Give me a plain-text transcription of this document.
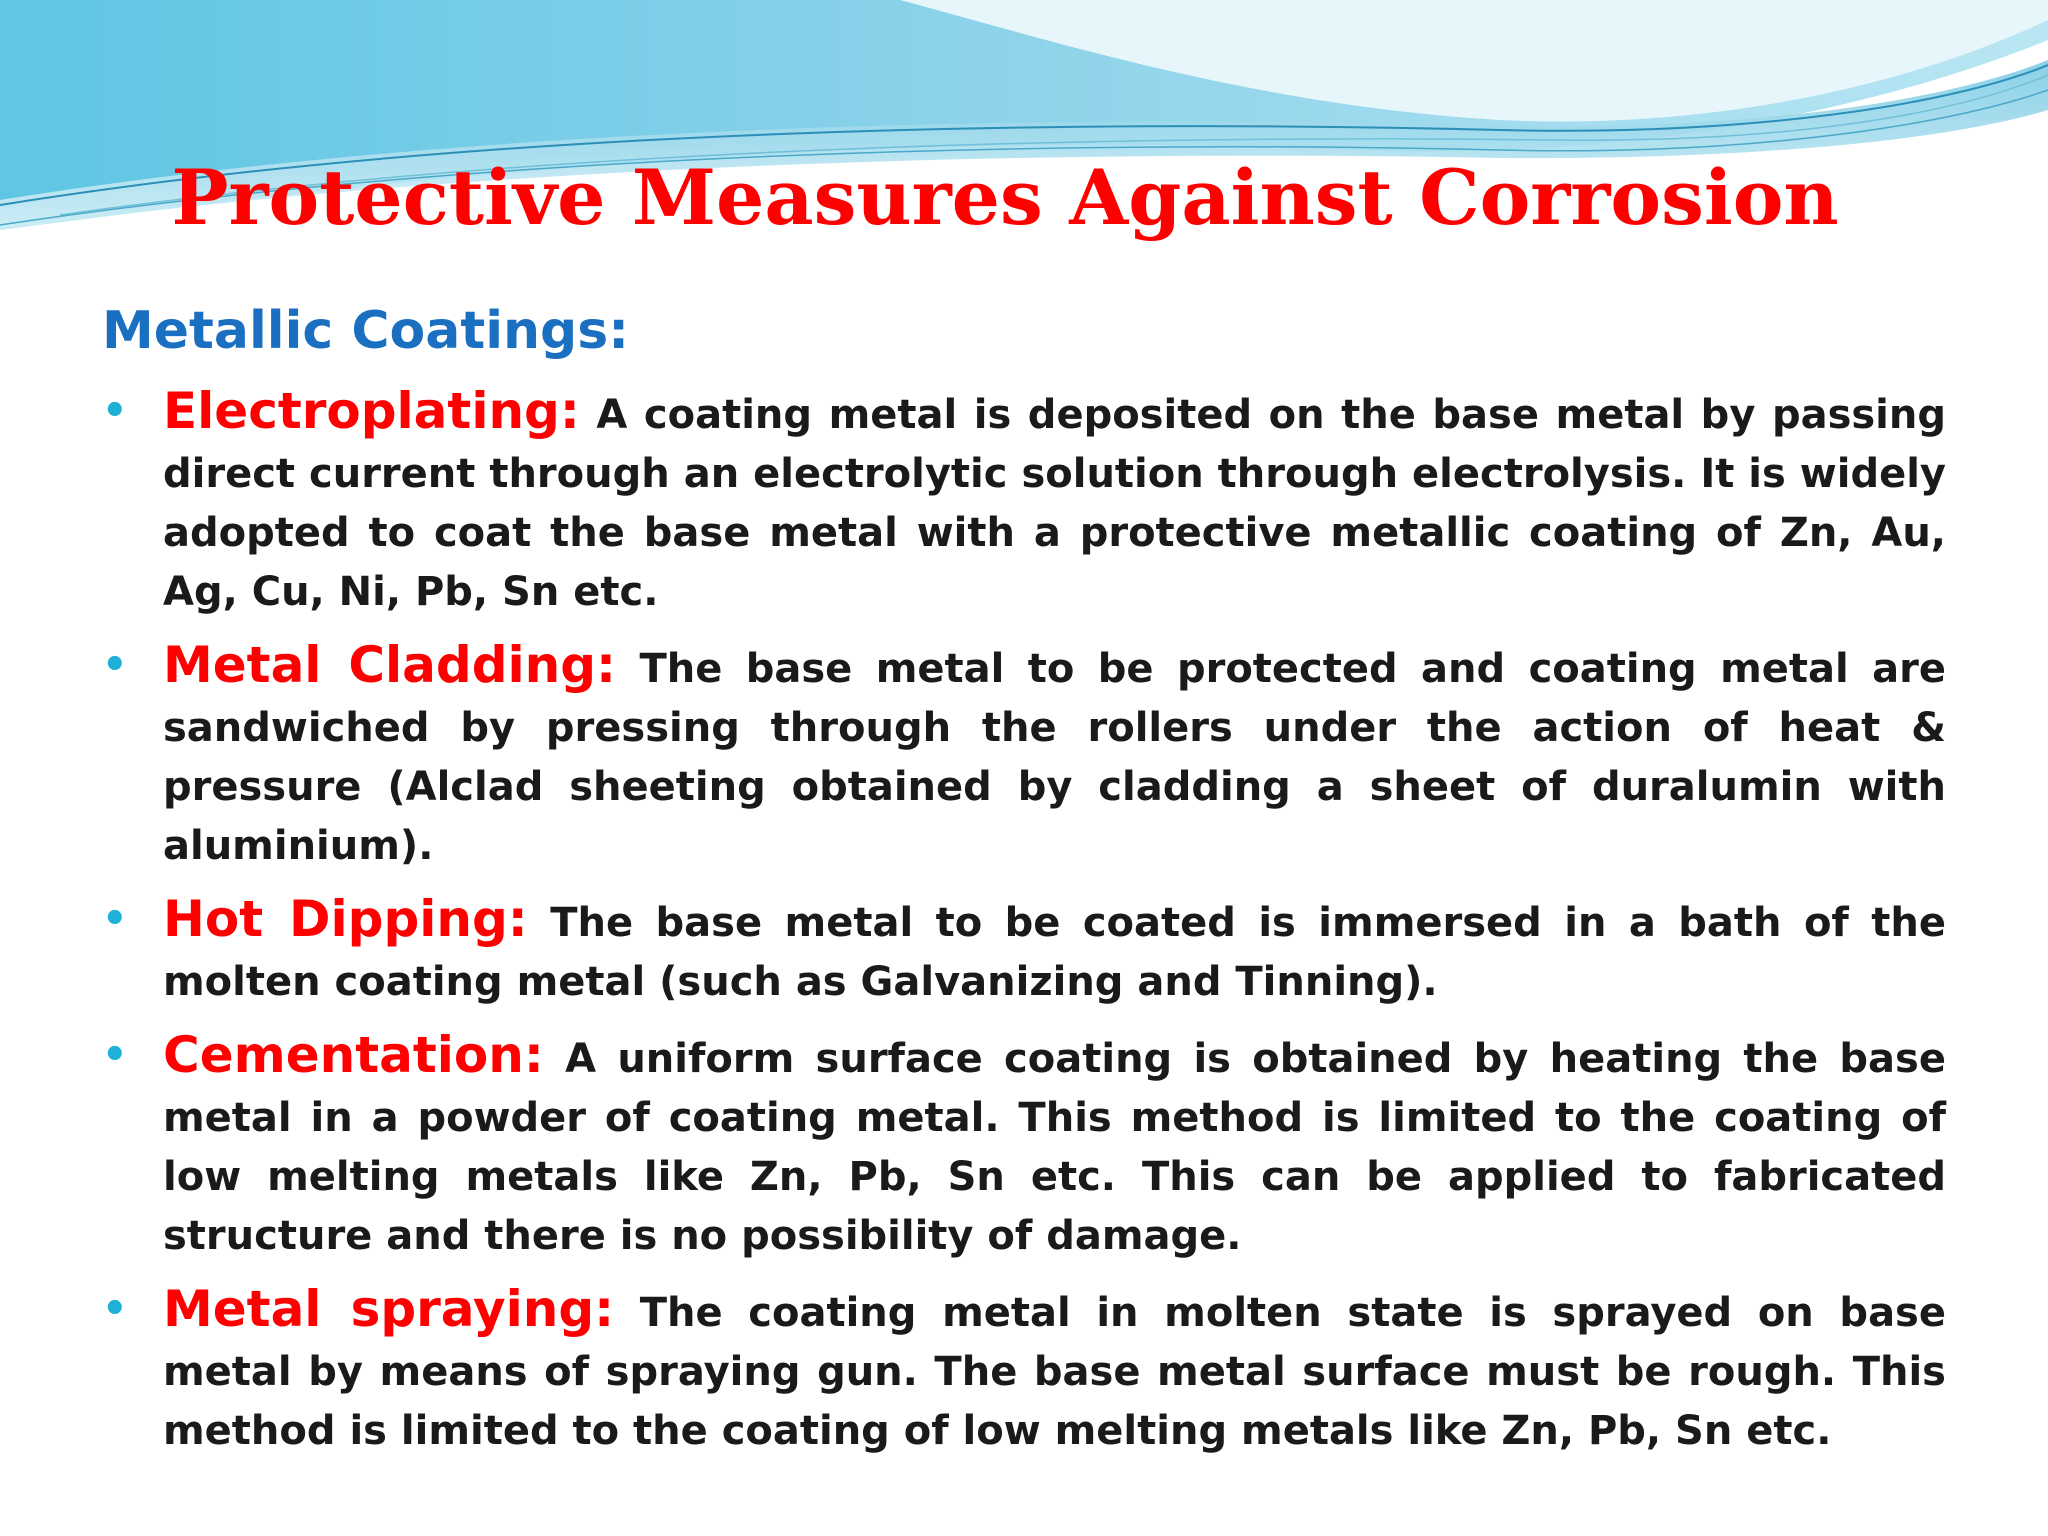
Protective Measures Against Corrosion
Metallic Coatings:
• Electroplating: A coating metal is deposited on the base metal by passing direct current through an electrolytic solution through electrolysis. It is widely adopted to coat the base metal with a protective metallic coating of Zn, Au, Ag, Cu, Ni, Pb, Sn etc.
• Metal Cladding: The base metal to be protected and coating metal are sandwiched by pressing through the rollers under the action of heat & pressure (Alclad sheeting obtained by cladding a sheet of duralumin with aluminium).
• Hot Dipping: The base metal to be coated is immersed in a bath of the molten coating metal (such as Galvanizing and Tinning).
• Cementation: A uniform surface coating is obtained by heating the base metal in a powder of coating metal. This method is limited to the coating of low melting metals like Zn, Pb, Sn etc. This can be applied to fabricated structure and there is no possibility of damage.
• Metal spraying: The coating metal in molten state is sprayed on base metal by means of spraying gun. The base metal surface must be rough. This method is limited to the coating of low melting metals like Zn, Pb, Sn etc.
